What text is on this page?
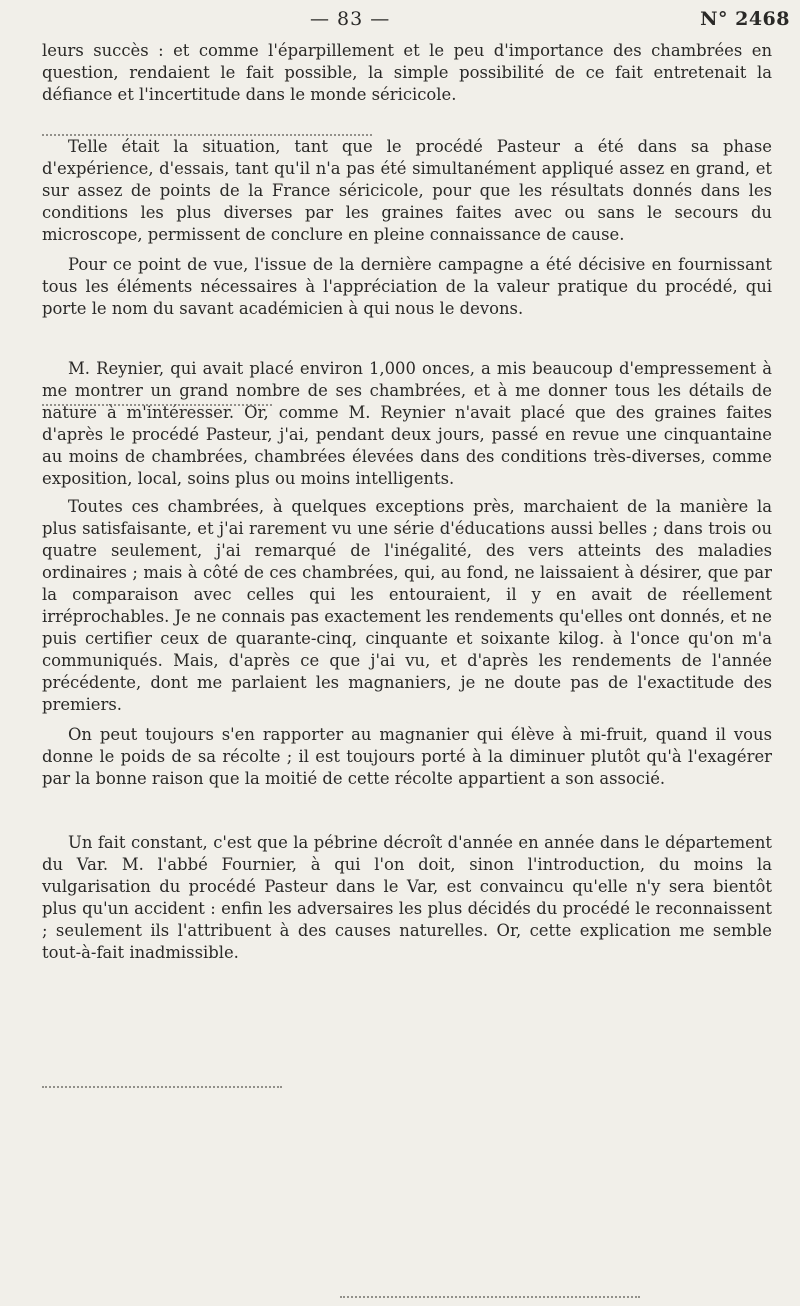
— 83 —	N° 2468

leurs succès : et comme l'éparpillement et le peu d'importance des chambrées en question, rendaient le fait possible, la simple possibilité de ce fait entretenait la défiance et l'incertitude dans le monde séricicole.

Telle était la situation, tant que le procédé Pasteur a été dans sa phase d'expérience, d'essais, tant qu'il n'a pas été simultanément appliqué assez en grand, et sur assez de points de la France séricicole, pour que les résultats donnés dans les conditions les plus diverses par les graines faites avec ou sans le secours du microscope, permissent de conclure en pleine connaissance de cause.

Pour ce point de vue, l'issue de la dernière campagne a été décisive en fournissant tous les éléments nécessaires à l'appréciation de la valeur pratique du procédé, qui porte le nom du savant académicien à qui nous le devons.

M. Reynier, qui avait placé environ 1,000 onces, a mis beaucoup d'empressement à me montrer un grand nombre de ses chambrées, et à me donner tous les détails de nature à m'intéresser. Or, comme M. Reynier n'avait placé que des graines faites d'après le procédé Pasteur, j'ai, pendant deux jours, passé en revue une cinquantaine au moins de chambrées, chambrées élevées dans des conditions très-diverses, comme exposition, local, soins plus ou moins intelligents.

Toutes ces chambrées, à quelques exceptions près, marchaient de la manière la plus satisfaisante, et j'ai rarement vu une série d'éducations aussi belles ; dans trois ou quatre seulement, j'ai remarqué de l'inégalité, des vers atteints des maladies ordinaires ; mais à côté de ces chambrées, qui, au fond, ne laissaient à désirer, que par la comparaison avec celles qui les entouraient, il y en avait de réellement irréprochables. Je ne connais pas exactement les rendements qu'elles ont donnés, et ne puis certifier ceux de quarante-cinq, cinquante et soixante kilog. à l'once qu'on m'a communiqués. Mais, d'après ce que j'ai vu, et d'après les rendements de l'année précédente, dont me parlaient les magnaniers, je ne doute pas de l'exactitude des premiers.

On peut toujours s'en rapporter au magnanier qui élève à mi-fruit, quand il vous donne le poids de sa récolte ; il est toujours porté à la diminuer plutôt qu'à l'exagérer par la bonne raison que la moitié de cette récolte appartient a son associé.

Un fait constant, c'est que la pébrine décroît d'année en année dans le département du Var. M. l'abbé Fournier, à qui l'on doit, sinon l'introduction, du moins la vulgarisation du procédé Pasteur dans le Var, est convaincu qu'elle n'y sera bientôt plus qu'un accident : enfin les adversaires les plus décidés du procédé le reconnaissent ; seulement ils l'attribuent à des causes naturelles. Or, cette explication me semble tout-à-fait inadmissible.
